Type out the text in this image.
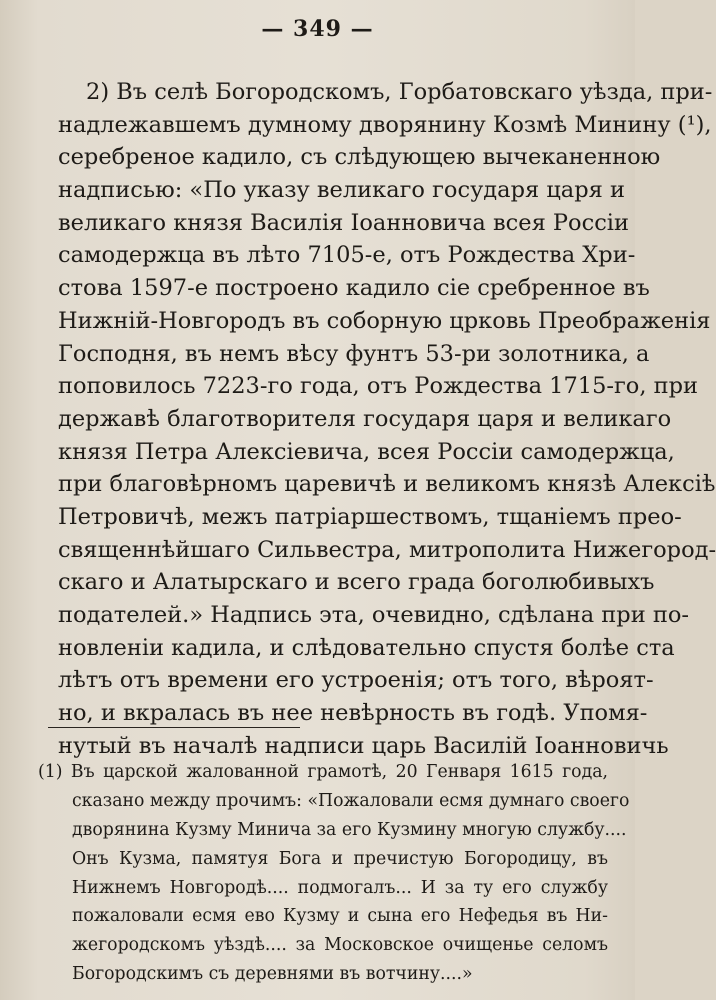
— 349 —
2) Въ селѣ Богородскомъ, Горбатовскаго уѣзда, при-
надлежавшемъ думному дворянину Козмѣ Минину (¹),
серебреное кадило, съ слѣдующею вычеканенною
надписью: «По указу великаго государя царя и
великаго князя Василія Іоанновича всея Россіи
самодержца въ лѣто 7105-е, отъ Рождества Хри-
стова 1597-е построено кадило сіе сребренное въ
Нижній-Новгородъ въ соборную црковь Преображенія
Господня, въ немъ вѣсу фунтъ 53-ри золотника, а
поповилось 7223-го года, отъ Рождества 1715-го, при
державѣ благотворителя государя царя и великаго
князя Петра Алексіевича, всея Россіи самодержца,
при благовѣрномъ царевичѣ и великомъ князѣ Алексіѣ
Петровичѣ, межъ патріаршествомъ, тщаніемъ прео-
священнѣйшаго Сильвестра, митрополита Нижегород-
скаго и Алатырскаго и всего града боголюбивыхъ
подателей.» Надпись эта, очевидно, сдѣлана при по-
новленіи кадила, и слѣдовательно спустя болѣе ста
лѣтъ отъ времени его устроенія; отъ того, вѣроят-
но, и вкралась въ нее невѣрность въ годѣ. Упомя-
нутый въ началѣ надписи царь Василій Іоанновичь
(1) Въ царской жалованной грамотѣ, 20 Генваря 1615 года,
сказано между прочимъ: «Пожаловали есмя думнаго своего
дворянина Кузму Минича за его Кузмину многую службу....
Онъ Кузма, памятуя Бога и пречистую Богородицу, въ
Нижнемъ Новгородѣ.... подмогалъ... И за ту его службу
пожаловали есмя ево Кузму и сына его Нефедья въ Ни-
жегородскомъ уѣздѣ.... за Московское очищенье селомъ
Богородскимъ съ деревнями въ вотчину....»
